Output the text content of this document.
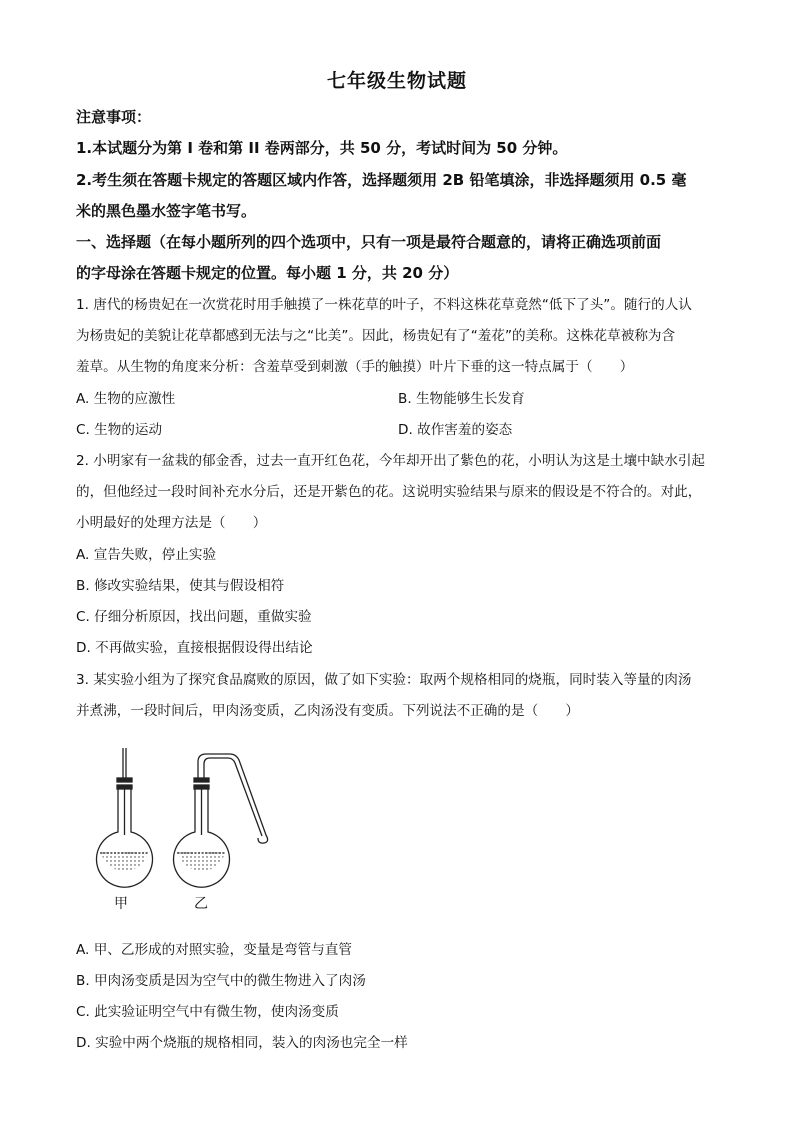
七年级生物试题
注意事项：
1.本试题分为第 I 卷和第 II 卷两部分，共 50 分，考试时间为 50 分钟。
2.考生须在答题卡规定的答题区域内作答，选择题须用 2B 铅笔填涂，非选择题须用 0.5 毫
米的黑色墨水签字笔书写。
一、选择题（在每小题所列的四个选项中，只有一项是最符合题意的，请将正确选项前面
的字母涂在答题卡规定的位置。每小题 1 分，共 20 分）
1. 唐代的杨贵妃在一次赏花时用手触摸了一株花草的叶子，不料这株花草竟然“低下了头”。随行的人认
为杨贵妃的美貌让花草都感到无法与之“比美”。因此，杨贵妃有了“羞花”的美称。这株花草被称为含
羞草。从生物的角度来分析：含羞草受到刺激（手的触摸）叶片下垂的这一特点属于（　　）
A. 生物的应激性	B. 生物能够生长发育
C. 生物的运动	D. 故作害羞的姿态
2. 小明家有一盆栽的郁金香，过去一直开红色花，今年却开出了紫色的花，小明认为这是土壤中缺水引起
的，但他经过一段时间补充水分后，还是开紫色的花。这说明实验结果与原来的假设是不符合的。对此，
小明最好的处理方法是（　　）
A. 宣告失败，停止实验
B. 修改实验结果，使其与假设相符
C. 仔细分析原因，找出问题，重做实验
D. 不再做实验，直接根据假设得出结论
3. 某实验小组为了探究食品腐败的原因，做了如下实验：取两个规格相同的烧瓶，同时装入等量的肉汤
并煮沸，一段时间后，甲肉汤变质，乙肉汤没有变质。下列说法不正确的是（　　）
甲	乙
A. 甲、乙形成的对照实验，变量是弯管与直管
B. 甲肉汤变质是因为空气中的微生物进入了肉汤
C. 此实验证明空气中有微生物，使肉汤变质
D. 实验中两个烧瓶的规格相同，装入的肉汤也完全一样
